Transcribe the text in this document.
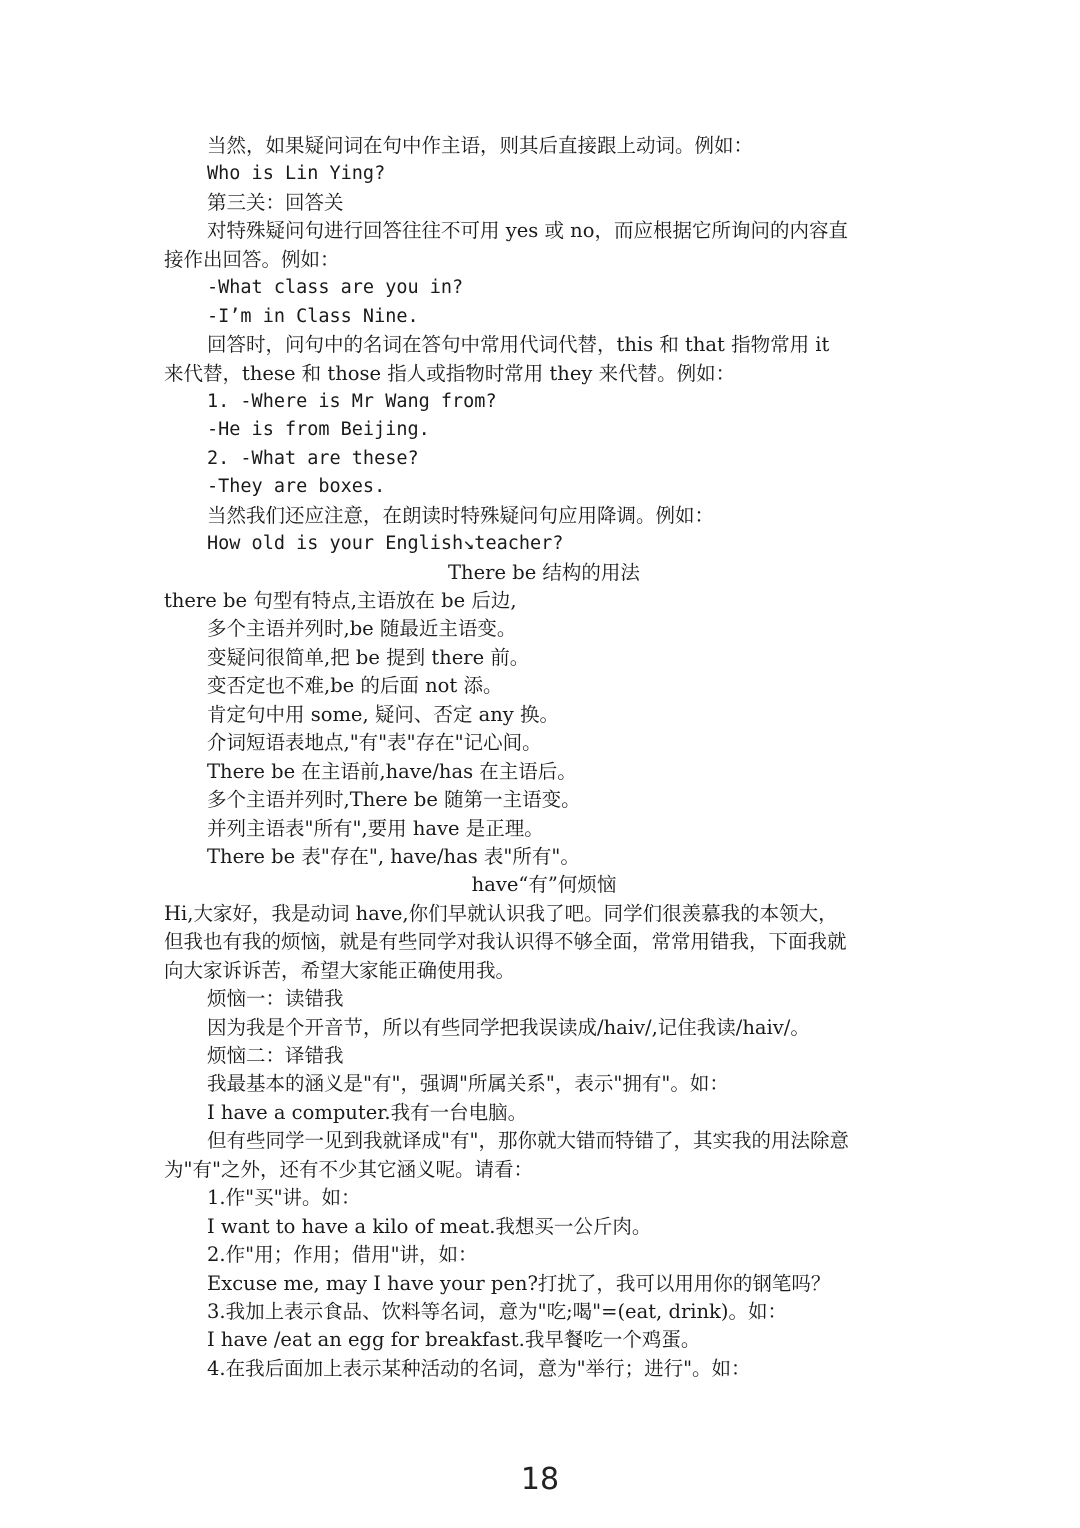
当然，如果疑问词在句中作主语，则其后直接跟上动词。例如：
Who is Lin Ying?
第三关：回答关
对特殊疑问句进行回答往往不可用 yes 或 no，而应根据它所询问的内容直
接作出回答。例如：
-What class are you in?
-I’m in Class Nine.
回答时，问句中的名词在答句中常用代词代替，this 和 that 指物常用 it
来代替，these 和 those 指人或指物时常用 they 来代替。例如：
1. -Where is Mr Wang from?
-He is from Beijing.
2. -What are these?
-They are boxes.
当然我们还应注意，在朗读时特殊疑问句应用降调。例如：
How old is your English↘teacher?
There be 结构的用法
there be 句型有特点,主语放在 be 后边,
多个主语并列时,be 随最近主语变。
变疑问很简单,把 be 提到 there 前。
变否定也不难,be 的后面 not 添。
肯定句中用 some, 疑问、否定 any 换。
介词短语表地点,"有"表"存在"记心间。
There be 在主语前,have/has 在主语后。
多个主语并列时,There be 随第一主语变。
并列主语表"所有",要用 have 是正理。
There be 表"存在", have/has 表"所有"。
have“有”何烦恼
Hi,大家好，我是动词 have,你们早就认识我了吧。同学们很羡慕我的本领大，
但我也有我的烦恼，就是有些同学对我认识得不够全面，常常用错我，下面我就
向大家诉诉苦，希望大家能正确使用我。
烦恼一：读错我
因为我是个开音节，所以有些同学把我误读成/haiv/,记住我读/haiv/。
烦恼二：译错我
我最基本的涵义是"有"，强调"所属关系"，表示"拥有"。如：
I have a computer.我有一台电脑。
但有些同学一见到我就译成"有"，那你就大错而特错了，其实我的用法除意
为"有"之外，还有不少其它涵义呢。请看：
1.作"买"讲。如：
I want to have a kilo of meat.我想买一公斤肉。
2.作"用；作用；借用"讲，如：
Excuse me, may I have your pen?打扰了，我可以用用你的钢笔吗？
3.我加上表示食品、饮料等名词，意为"吃;喝"=(eat, drink)。如：
I have /eat an egg for breakfast.我早餐吃一个鸡蛋。
4.在我后面加上表示某种活动的名词，意为"举行；进行"。如：
18
